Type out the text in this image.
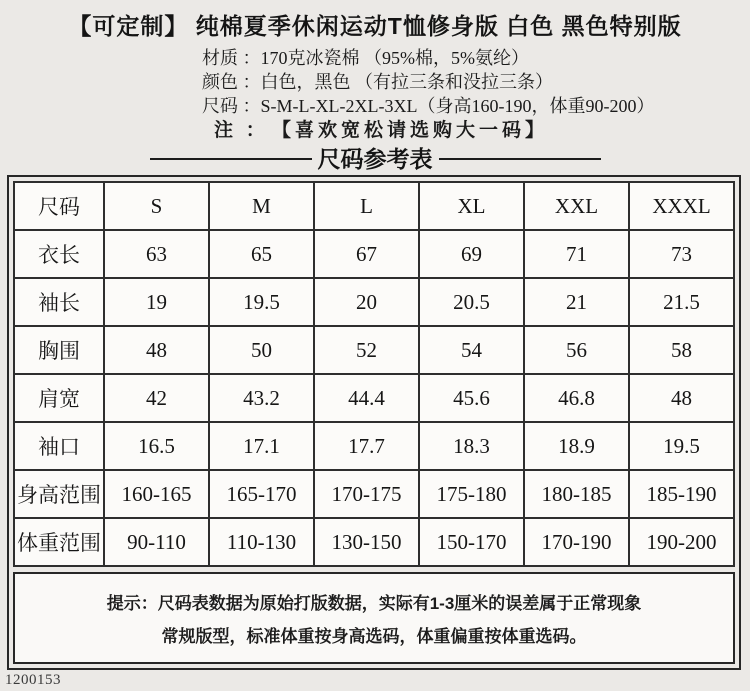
【可定制】 纯棉夏季休闲运动T恤修身版 白色 黑色特别版
材质 ：170克冰瓷棉 （95%棉，5%氨纶）
颜色 ：白色，黑色 （有拉三条和没拉三条）
尺码 ：S-M-L-XL-2XL-3XL（身高160-190，体重90-200）
注 ： 【喜欢宽松请选购大一码】
尺码参考表
尺码	S	M	L	XL	XXL	XXXL
衣长	63	65	67	69	71	73
袖长	19	19.5	20	20.5	21	21.5
胸围	48	50	52	54	56	58
肩宽	42	43.2	44.4	45.6	46.8	48
袖口	16.5	17.1	17.7	18.3	18.9	19.5
身高范围	160-165	165-170	170-175	175-180	180-185	185-190
体重范围	90-110	110-130	130-150	150-170	170-190	190-200
提示：尺码表数据为原始打版数据，实际有1-3厘米的误差属于正常现象
常规版型，标准体重按身高选码，体重偏重按体重选码。
1200153
